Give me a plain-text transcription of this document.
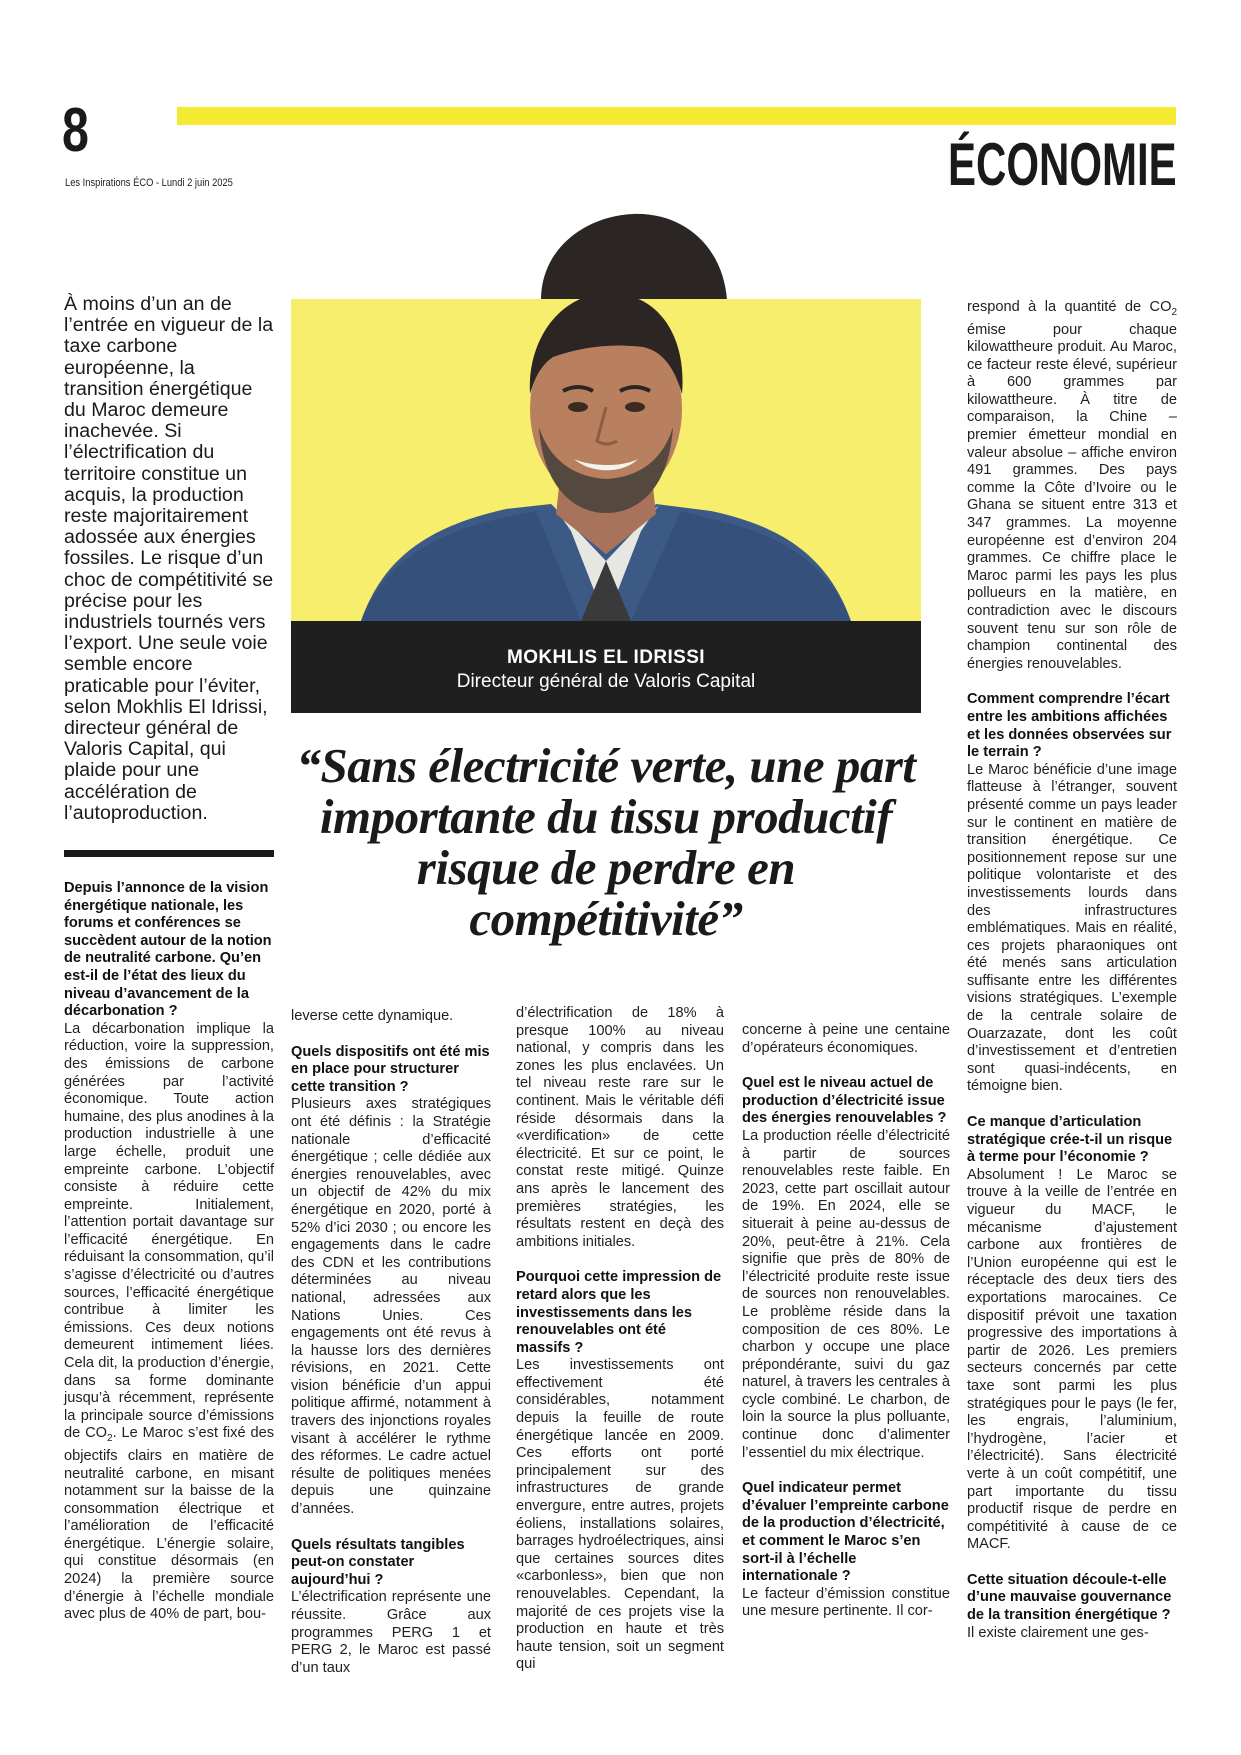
8
Les Inspirations ÉCO - Lundi 2 juin 2025	ÉCONOMIE
À moins d’un an de l’entrée en vigueur de la taxe carbone européenne, la transition énergétique du Maroc demeure inachevée. Si l’électrification du territoire constitue un acquis, la production reste majoritairement adossée aux énergies fossiles. Le risque d’un choc de compétitivité se précise pour les industriels tournés vers l’export. Une seule voie semble encore praticable pour l’éviter, selon Mokhlis El Idrissi, directeur général de Valoris Capital, qui plaide pour une accélération de l’autoproduction.
MOKHLIS EL IDRISSI
Directeur général de Valoris Capital
“Sans électricité verte, une part importante du tissu productif risque de perdre en compétitivité”
Depuis l’annonce de la vision énergétique nationale, les forums et conférences se succèdent autour de la notion de neutralité carbone. Qu’en est-il de l’état des lieux du niveau d’avancement de la décarbonation ?

La décarbonation implique la réduction, voire la suppression, des émissions de carbone générées par l’activité économique. Toute action humaine, des plus anodines à la production industrielle à une large échelle, produit une empreinte carbone. L’objectif consiste à réduire cette empreinte. Initialement, l’attention portait davantage sur l’efficacité énergétique. En réduisant la consommation, qu’il s’agisse d’électricité ou d’autres sources, l’efficacité énergétique contribue à limiter les émissions. Ces deux notions demeurent intimement liées. Cela dit, la production d’énergie, dans sa forme dominante jusqu’à récemment, représente la principale source d’émissions de $CO_2$. Le Maroc s’est fixé des objectifs clairs en matière de neutralité carbone, en misant notamment sur la baisse de la consommation électrique et l’amélioration de l’efficacité énergétique. L’énergie solaire, qui constitue désormais (en 2024) la première source d’énergie à l’échelle mondiale avec plus de 40% de part, bou-

leverse cette dynamique.

Quels dispositifs ont été mis en place pour structurer cette transition ?

Plusieurs axes stratégiques ont été définis : la Stratégie nationale d’efficacité énergétique ; celle dédiée aux énergies renouvelables, avec un objectif de 42% du mix énergétique en 2020, porté à 52% d’ici 2030 ; ou encore les engagements dans le cadre des CDN et les contributions déterminées au niveau national, adressées aux Nations Unies. Ces engagements ont été revus à la hausse lors des dernières révisions, en 2021. Cette vision bénéficie d’un appui politique affirmé, notamment à travers des injonctions royales visant à accélérer le rythme des réformes. Le cadre actuel résulte de politiques menées depuis une quinzaine d’années.

Quels résultats tangibles peut-on constater aujourd’hui ?

L’électrification représente une réussite. Grâce aux programmes PERG 1 et PERG 2, le Maroc est passé d’un taux

d’électrification de 18% à presque 100% au niveau national, y compris dans les zones les plus enclavées. Un tel niveau reste rare sur le continent. Mais le véritable défi réside désormais dans la «verdification» de cette électricité. Et sur ce point, le constat reste mitigé. Quinze ans après le lancement des premières stratégies, les résultats restent en deçà des ambitions initiales.

Pourquoi cette impression de retard alors que les investissements dans les renouvelables ont été massifs ?

Les investissements ont effectivement été considérables, notamment depuis la feuille de route énergétique lancée en 2009. Ces efforts ont porté principalement sur des infrastructures de grande envergure, entre autres, projets éoliens, installations solaires, barrages hydroélectriques, ainsi que certaines sources dites «carbonless», bien que non renouvelables. Cependant, la majorité de ces projets vise la production en haute et très haute tension, soit un segment qui

concerne à peine une centaine d’opérateurs économiques.

Quel est le niveau actuel de production d’électricité issue des énergies renouvelables ?

La production réelle d’électricité à partir de sources renouvelables reste faible. En 2023, cette part oscillait autour de 19%. En 2024, elle se situerait à peine au-dessus de 20%, peut-être à 21%. Cela signifie que près de 80% de l’électricité produite reste issue de sources non renouvelables. Le problème réside dans la composition de ces 80%. Le charbon y occupe une place prépondérante, suivi du gaz naturel, à travers les centrales à cycle combiné. Le charbon, de loin la source la plus polluante, continue donc d’alimenter l’essentiel du mix électrique.

Quel indicateur permet d’évaluer l’empreinte carbone de la production d’électricité, et comment le Maroc s’en sort-il à l’échelle internationale ?

Le facteur d’émission constitue une mesure pertinente. Il cor-

respond à la quantité de $CO_2$ émise pour chaque kilowattheure produit. Au Maroc, ce facteur reste élevé, supérieur à 600 grammes par kilowattheure. À titre de comparaison, la Chine – premier émetteur mondial en valeur absolue – affiche environ 491 grammes. Des pays comme la Côte d’Ivoire ou le Ghana se situent entre 313 et 347 grammes. La moyenne européenne est d’environ 204 grammes. Ce chiffre place le Maroc parmi les pays les plus pollueurs en la matière, en contradiction avec le discours souvent tenu sur son rôle de champion continental des énergies renouvelables.

Comment comprendre l’écart entre les ambitions affichées et les données observées sur le terrain ?

Le Maroc bénéficie d’une image flatteuse à l’étranger, souvent présenté comme un pays leader sur le continent en matière de transition énergétique. Ce positionnement repose sur une politique volontariste et des investissements lourds dans des infrastructures emblématiques. Mais en réalité, ces projets pharaoniques ont été menés sans articulation suffisante entre les différentes visions stratégiques. L’exemple de la centrale solaire de Ouarzazate, dont les coût d’investissement et d’entretien sont quasi-indécents, en témoigne bien.

Ce manque d’articulation stratégique crée-t-il un risque à terme pour l’économie ?

Absolument ! Le Maroc se trouve à la veille de l’entrée en vigueur du MACF, le mécanisme d’ajustement carbone aux frontières de l’Union européenne qui est le réceptacle des deux tiers des exportations marocaines. Ce dispositif prévoit une taxation progressive des importations à partir de 2026. Les premiers secteurs concernés par cette taxe sont parmi les plus stratégiques pour le pays (le fer, les engrais, l’aluminium, l’hydrogène, l’acier et l’électricité). Sans électricité verte à un coût compétitif, une part importante du tissu productif risque de perdre en compétitivité à cause de ce MACF.

Cette situation découle-t-elle d’une mauvaise gouvernance de la transition énergétique ?

Il existe clairement une ges-
